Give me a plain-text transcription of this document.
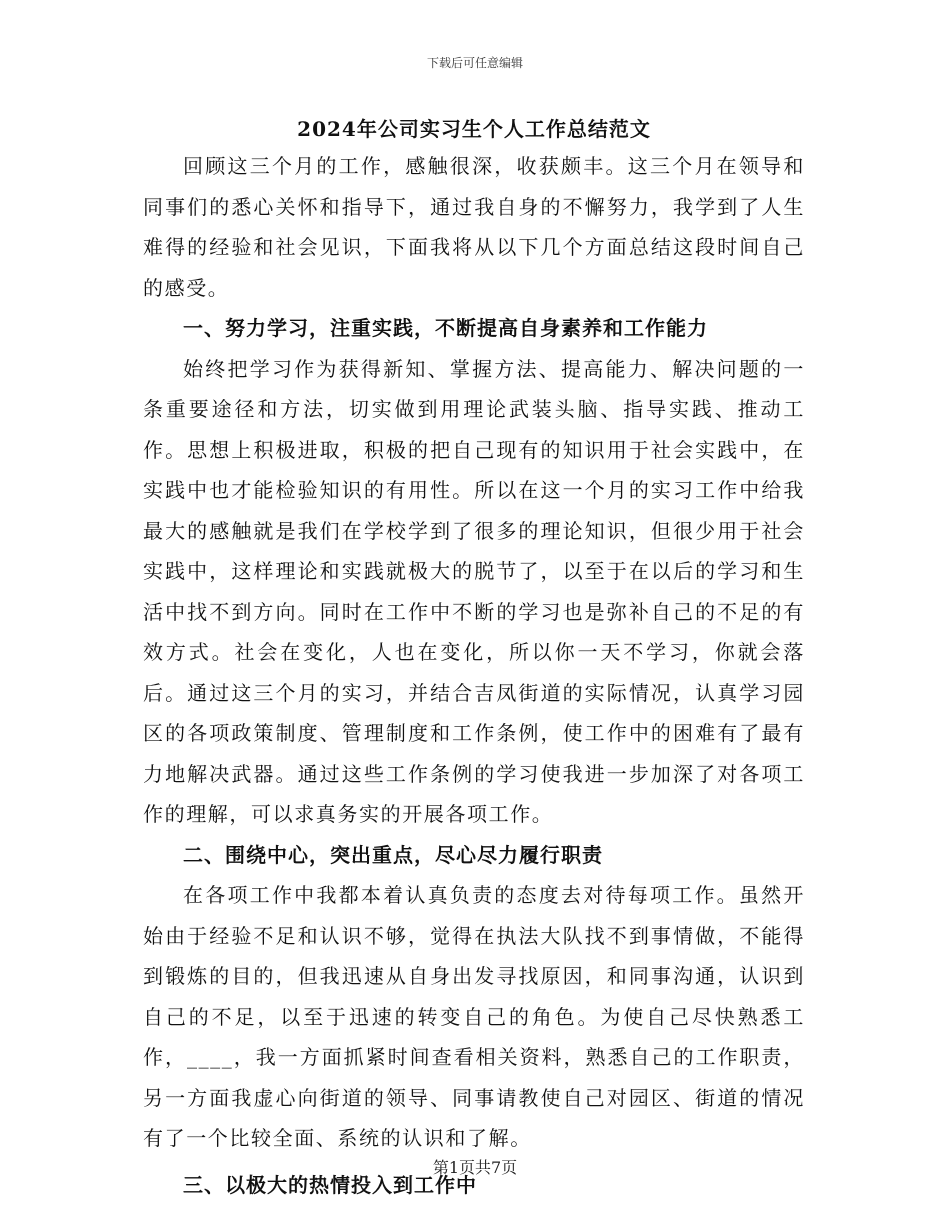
下载后可任意编辑
2024年公司实习生个人工作总结范文

回顾这三个月的工作，感触很深，收获颇丰。这三个月在领导和同事们的悉心关怀和指导下，通过我自身的不懈努力，我学到了人生难得的经验和社会见识，下面我将从以下几个方面总结这段时间自己的感受。

一、努力学习，注重实践，不断提高自身素养和工作能力

始终把学习作为获得新知、掌握方法、提高能力、解决问题的一条重要途径和方法，切实做到用理论武装头脑、指导实践、推动工作。思想上积极进取，积极的把自己现有的知识用于社会实践中，在实践中也才能检验知识的有用性。所以在这一个月的实习工作中给我最大的感触就是我们在学校学到了很多的理论知识，但很少用于社会实践中，这样理论和实践就极大的脱节了，以至于在以后的学习和生活中找不到方向。同时在工作中不断的学习也是弥补自己的不足的有效方式。社会在变化，人也在变化，所以你一天不学习，你就会落后。通过这三个月的实习，并结合吉凤街道的实际情况，认真学习园区的各项政策制度、管理制度和工作条例，使工作中的困难有了最有力地解决武器。通过这些工作条例的学习使我进一步加深了对各项工作的理解，可以求真务实的开展各项工作。

二、围绕中心，突出重点，尽心尽力履行职责

在各项工作中我都本着认真负责的态度去对待每项工作。虽然开始由于经验不足和认识不够，觉得在执法大队找不到事情做，不能得到锻炼的目的，但我迅速从自身出发寻找原因，和同事沟通，认识到自己的不足，以至于迅速的转变自己的角色。为使自己尽快熟悉工作，____，我一方面抓紧时间查看相关资料，熟悉自己的工作职责，另一方面我虚心向街道的领导、同事请教使自己对园区、街道的情况有了一个比较全面、系统的认识和了解。

三、以极大的热情投入到工作中
第1页共7页
